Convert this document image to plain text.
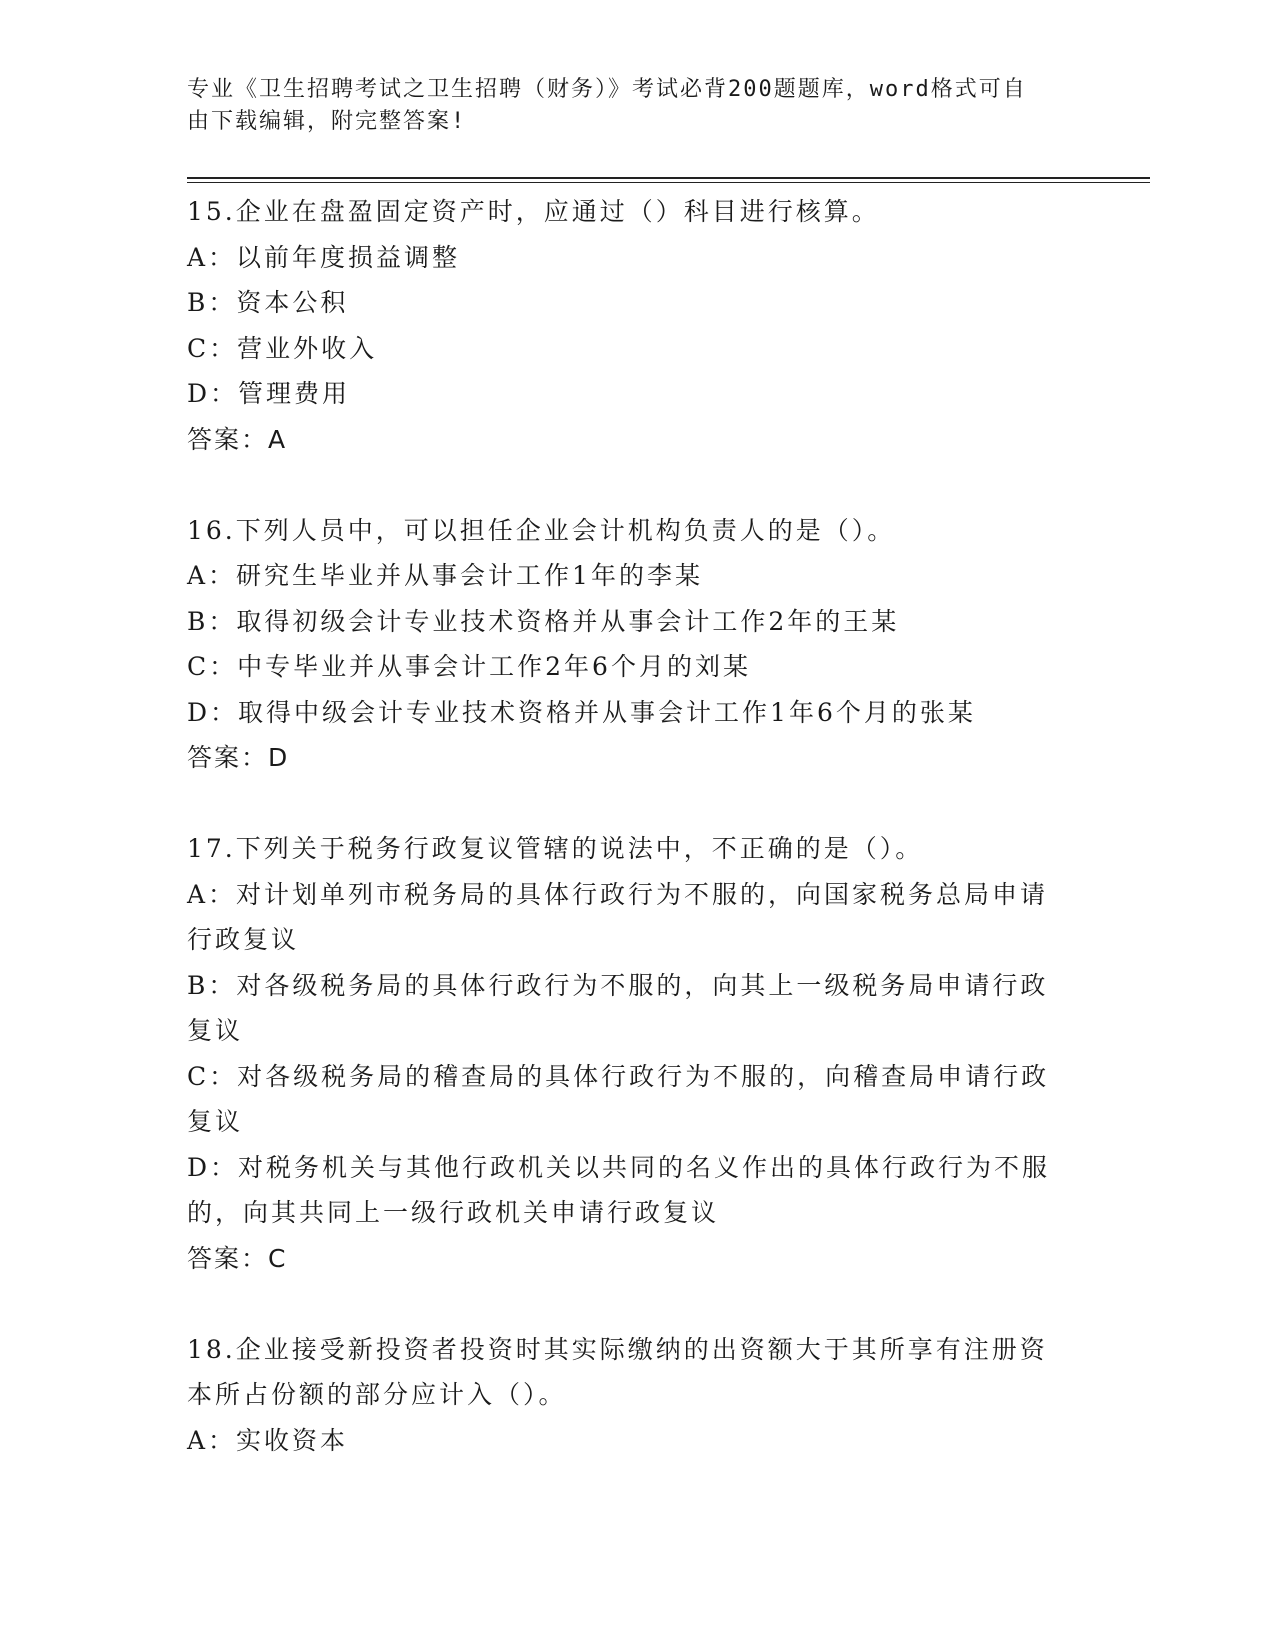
专业《卫生招聘考试之卫生招聘（财务）》考试必背200题题库，word格式可自
由下载编辑，附完整答案!
15.企业在盘盈固定资产时，应通过（）科目进行核算。
A：以前年度损益调整
B：资本公积
C：营业外收入
D：管理费用
答案：A
16.下列人员中，可以担任企业会计机构负责人的是（）。
A：研究生毕业并从事会计工作1年的李某
B：取得初级会计专业技术资格并从事会计工作2年的王某
C：中专毕业并从事会计工作2年6个月的刘某
D：取得中级会计专业技术资格并从事会计工作1年6个月的张某
答案：D
17.下列关于税务行政复议管辖的说法中，不正确的是（）。
A：对计划单列市税务局的具体行政行为不服的，向国家税务总局申请
行政复议
B：对各级税务局的具体行政行为不服的，向其上一级税务局申请行政
复议
C：对各级税务局的稽查局的具体行政行为不服的，向稽查局申请行政
复议
D：对税务机关与其他行政机关以共同的名义作出的具体行政行为不服
的，向其共同上一级行政机关申请行政复议
答案：C
18.企业接受新投资者投资时其实际缴纳的出资额大于其所享有注册资
本所占份额的部分应计入（）。
A：实收资本
